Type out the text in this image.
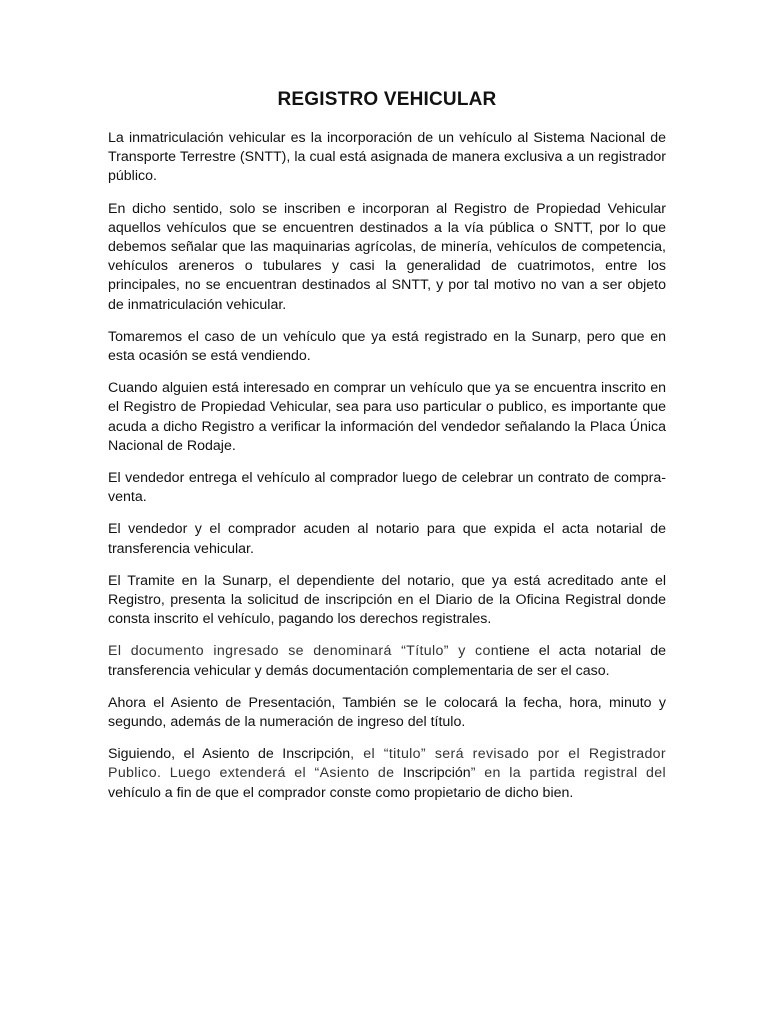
REGISTRO VEHICULAR

La inmatriculación vehicular es la incorporación de un vehículo al Sistema Nacional de Transporte Terrestre (SNTT), la cual está asignada de manera exclusiva a un registrador público.

En dicho sentido, solo se inscriben e incorporan al Registro de Propiedad Vehicular aquellos vehículos que se encuentren destinados a la vía pública o SNTT, por lo que debemos señalar que las maquinarias agrícolas, de minería, vehículos de competencia, vehículos areneros o tubulares y casi la generalidad de cuatrimotos, entre los principales, no se encuentran destinados al SNTT, y por tal motivo no van a ser objeto de inmatriculación vehicular.

Tomaremos el caso de un vehículo que ya está registrado en la Sunarp, pero que en esta ocasión se está vendiendo.

Cuando alguien está interesado en comprar un vehículo que ya se encuentra inscrito en el Registro de Propiedad Vehicular, sea para uso particular o publico, es importante que acuda a dicho Registro a verificar la información del vendedor señalando la Placa Única Nacional de Rodaje.

El vendedor entrega el vehículo al comprador luego de celebrar un contrato de compra-venta.

El vendedor y el comprador acuden al notario para que expida el acta notarial de transferencia vehicular.

El Tramite en la Sunarp, el dependiente del notario, que ya está acreditado ante el Registro, presenta la solicitud de inscripción en el Diario de la Oficina Registral donde consta inscrito el vehículo, pagando los derechos registrales.

El documento ingresado se denominará “Título” y contiene el acta notarial de transferencia vehicular y demás documentación complementaria de ser el caso.

Ahora el Asiento de Presentación, También se le colocará la fecha, hora, minuto y segundo, además de la numeración de ingreso del título.

Siguiendo, el Asiento de Inscripción, el “titulo” será revisado por el Registrador Publico. Luego extenderá el “Asiento de Inscripción” en la partida registral del vehículo a fin de que el comprador conste como propietario de dicho bien.
